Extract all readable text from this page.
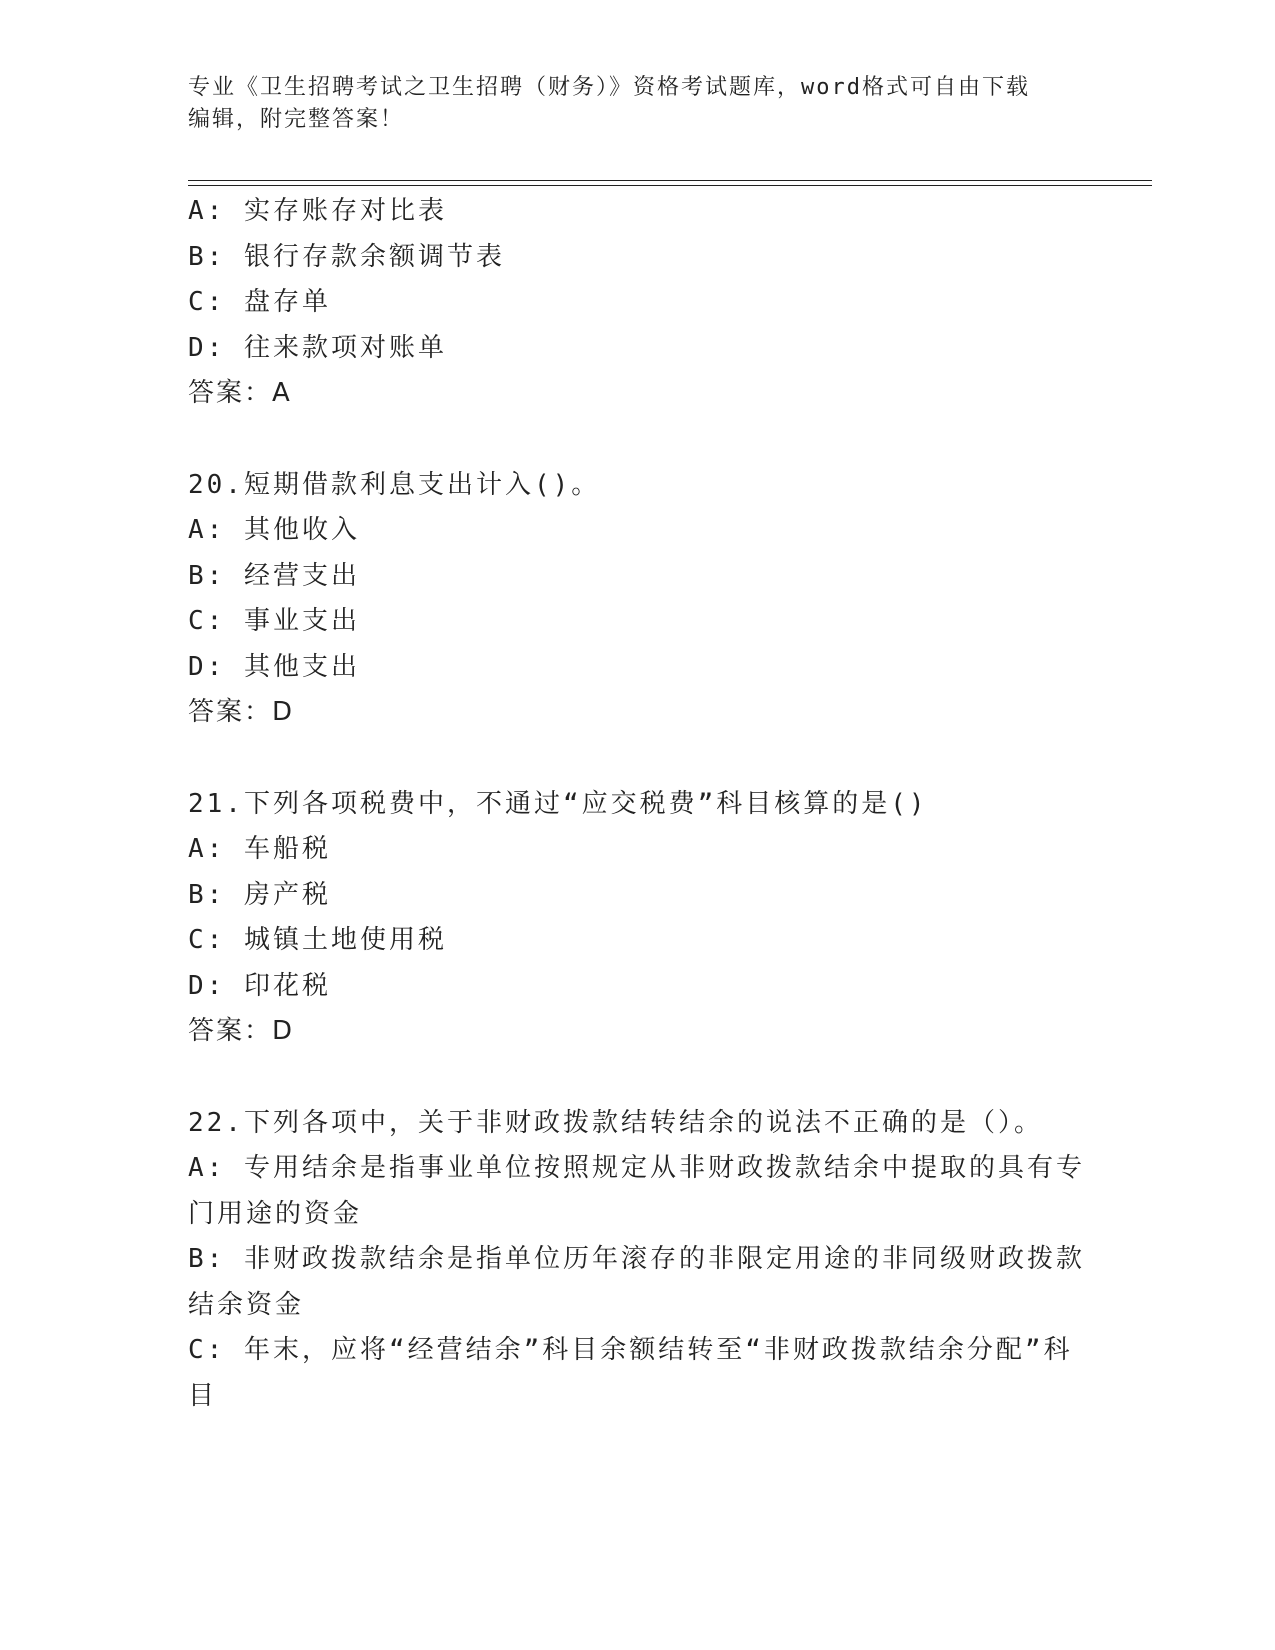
专业《卫生招聘考试之卫生招聘（财务）》资格考试题库，word格式可自由下载
编辑，附完整答案！
A: 实存账存对比表
B: 银行存款余额调节表
C: 盘存单
D: 往来款项对账单
答案：A
20.短期借款利息支出计入()。
A: 其他收入
B: 经营支出
C: 事业支出
D: 其他支出
答案：D
21.下列各项税费中，不通过“应交税费”科目核算的是()
A: 车船税
B: 房产税
C: 城镇土地使用税
D: 印花税
答案：D
22.下列各项中，关于非财政拨款结转结余的说法不正确的是（）。
A: 专用结余是指事业单位按照规定从非财政拨款结余中提取的具有专门用途的资金
B: 非财政拨款结余是指单位历年滚存的非限定用途的非同级财政拨款结余资金
C: 年末，应将“经营结余”科目余额结转至“非财政拨款结余分配”科目
